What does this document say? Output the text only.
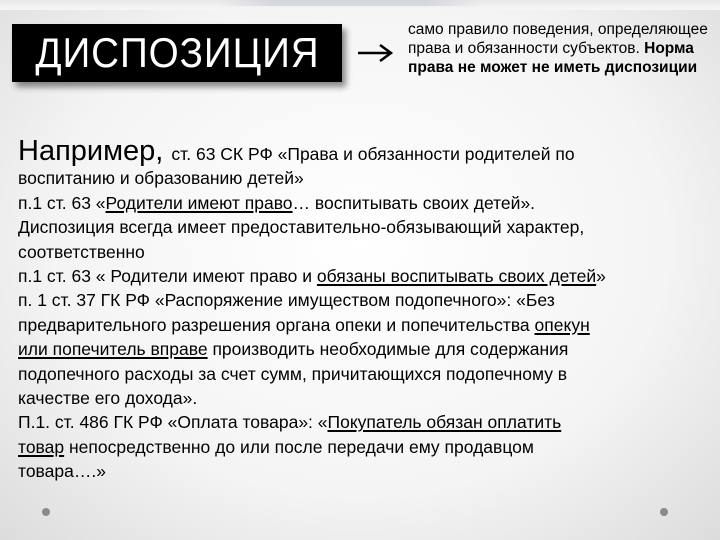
ДИСПОЗИЦИЯ	само правило поведения, определяющее права и обязанности субъектов. Норма права не может не иметь диспозиции
Например, ст. 63 СК РФ «Права и обязанности родителей по
воспитанию и образованию детей»
п.1 ст. 63 «Родители имеют право… воспитывать своих детей».
Диспозиция всегда имеет предоставительно-обязывающий характер,
соответственно
п.1 ст. 63 « Родители имеют право и обязаны воспитывать своих детей»
п. 1 ст. 37 ГК РФ «Распоряжение имуществом подопечного»: «Без
предварительного разрешения органа опеки и попечительства опекун
или попечитель вправе производить необходимые для содержания
подопечного расходы за счет сумм, причитающихся подопечному в
качестве его дохода».
П.1. ст. 486 ГК РФ «Оплата товара»: «Покупатель обязан оплатить
товар непосредственно до или после передачи ему продавцом
товара….»
